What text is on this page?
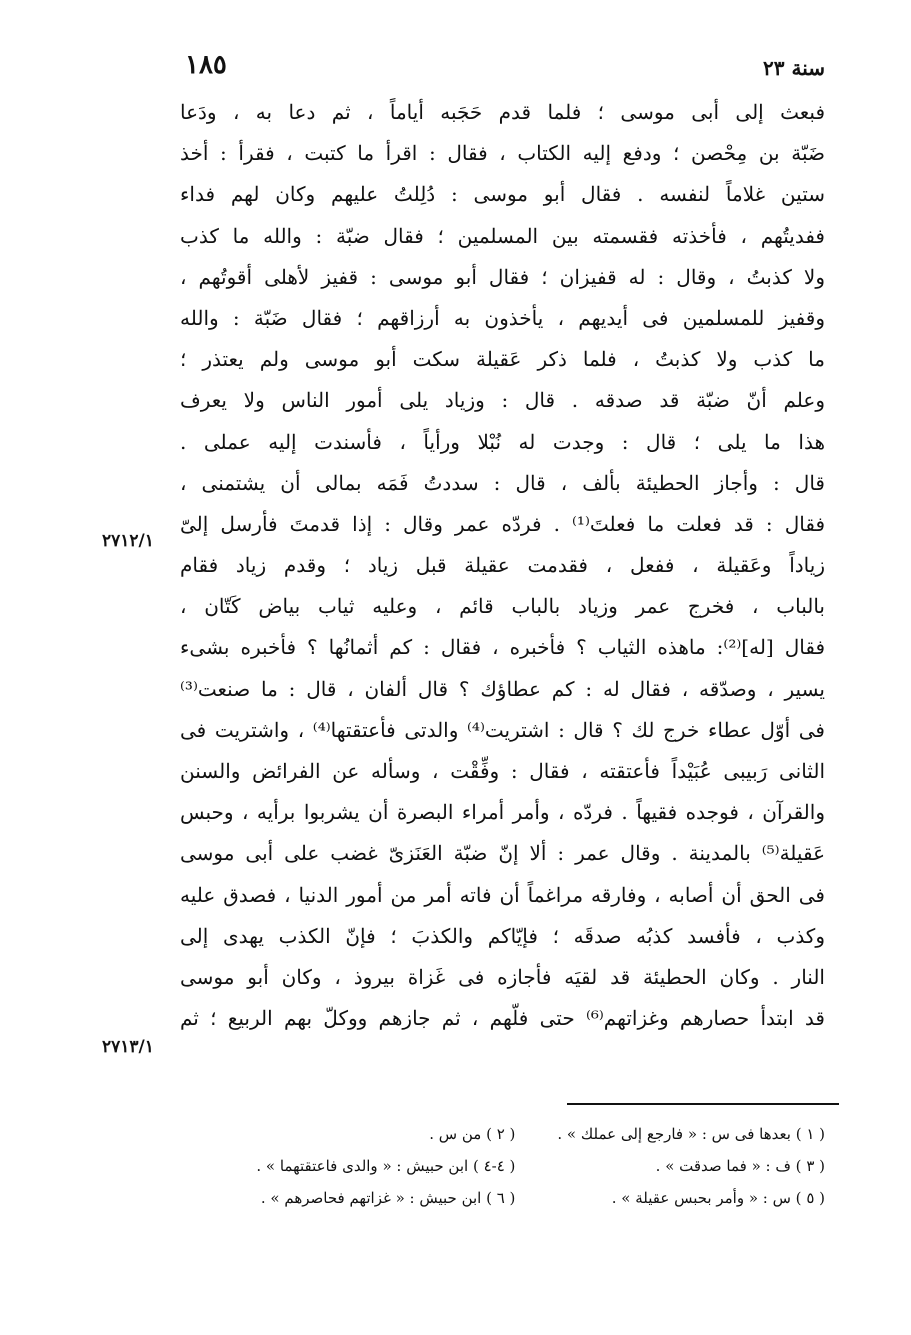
١٨٥	سنة ٢٣
فبعث إلى أبى موسى ؛ فلما قدم حَجَبه أياماً ، ثم دعا به ، ودَعا
ضَبّة بن مِحْصن ؛ ودفع إليه الكتاب ، فقال : اقرأ ما كتبت ، فقرأ : أخذ
ستين غلاماً لنفسه . فقال أبو موسى : دُلِلتُ عليهم وكان لهم فداء
ففديتُهم ، فأخذته فقسمته بين المسلمين ؛ فقال ضبّة : والله ما كذب
ولا كذبتُ ، وقال : له قفيزان ؛ فقال أبو موسى : قفيز لأهلى أقوتُهم ،
وقفيز للمسلمين فى أيديهم ، يأخذون به أرزاقهم ؛ فقال ضَبّة : والله
ما كذب ولا كذبتُ ، فلما ذكر عَقيلة سكت أبو موسى ولم يعتذر ؛
وعلم أنّ ضبّة قد صدقه . قال : وزياد يلى أمور الناس ولا يعرف
هذا ما يلى ؛ قال : وجدت له نُبْلا ورأياً ، فأسندت إليه عملى .
قال : وأجاز الحطيئة بألف ، قال : سددتُ فَمَه بمالى أن يشتمنى ،
فقال : قد فعلت ما فعلتَ⁽¹⁾ . فردّه عمر وقال : إذا قدمتَ فأرسل إلىّ
زياداً وعَقيلة ، ففعل ، فقدمت عقيلة قبل زياد ؛ وقدم زياد فقام
بالباب ، فخرج عمر وزياد بالباب قائم ، وعليه ثياب بياض كَتّان ،
فقال [له]⁽²⁾: ماهذه الثياب ؟ فأخبره ، فقال : كم أثمانُها ؟ فأخبره بشىء
يسير ، وصدّقه ، فقال له : كم عطاؤك ؟ قال ألفان ، قال : ما صنعت⁽³⁾
فى أوّل عطاء خرج لك ؟ قال : اشتريت⁽⁴⁾ والدتى فأعتقتها⁽⁴⁾ ، واشتريت فى
الثانى رَبيبى عُبَيْداً فأعتقته ، فقال : وفِّقْت ، وسأله عن الفرائض والسنن
والقرآن ، فوجده فقيهاً . فردّه ، وأمر أمراء البصرة أن يشربوا برأيه ، وحبس
عَقيلة⁽⁵⁾ بالمدينة . وقال عمر : ألا إنّ ضبّة العَنَزىّ غضب على أبى موسى
فى الحق أن أصابه ، وفارقه مراغماً أن فاته أمر من أمور الدنيا ، فصدق عليه
وكذب ، فأفسد كذبُه صدقَه ؛ فإيّاكم والكذبَ ؛ فإنّ الكذب يهدى إلى
النار . وكان الحطيئة قد لقيَه فأجازه فى غَزاة بيروذ ، وكان أبو موسى
قد ابتدأ حصارهم وغزاتهم⁽⁶⁾ حتى فلّهم ، ثم جازهم ووكلّ بهم الربيع ؛ ثم
٢٧١٢/١
٢٧١٣/١
( ١ ) بعدها فى س : « فارجع إلى عملك » .
( ٢ ) من س .
( ٣ ) ف : « فما صدقت » .
( ٤-٤ ) ابن حبيش : « والدى فاعتقتهما » .
( ٥ ) س : « وأمر بحبس عقيلة » .
( ٦ ) ابن حبيش : « غزاتهم فحاصرهم » .
